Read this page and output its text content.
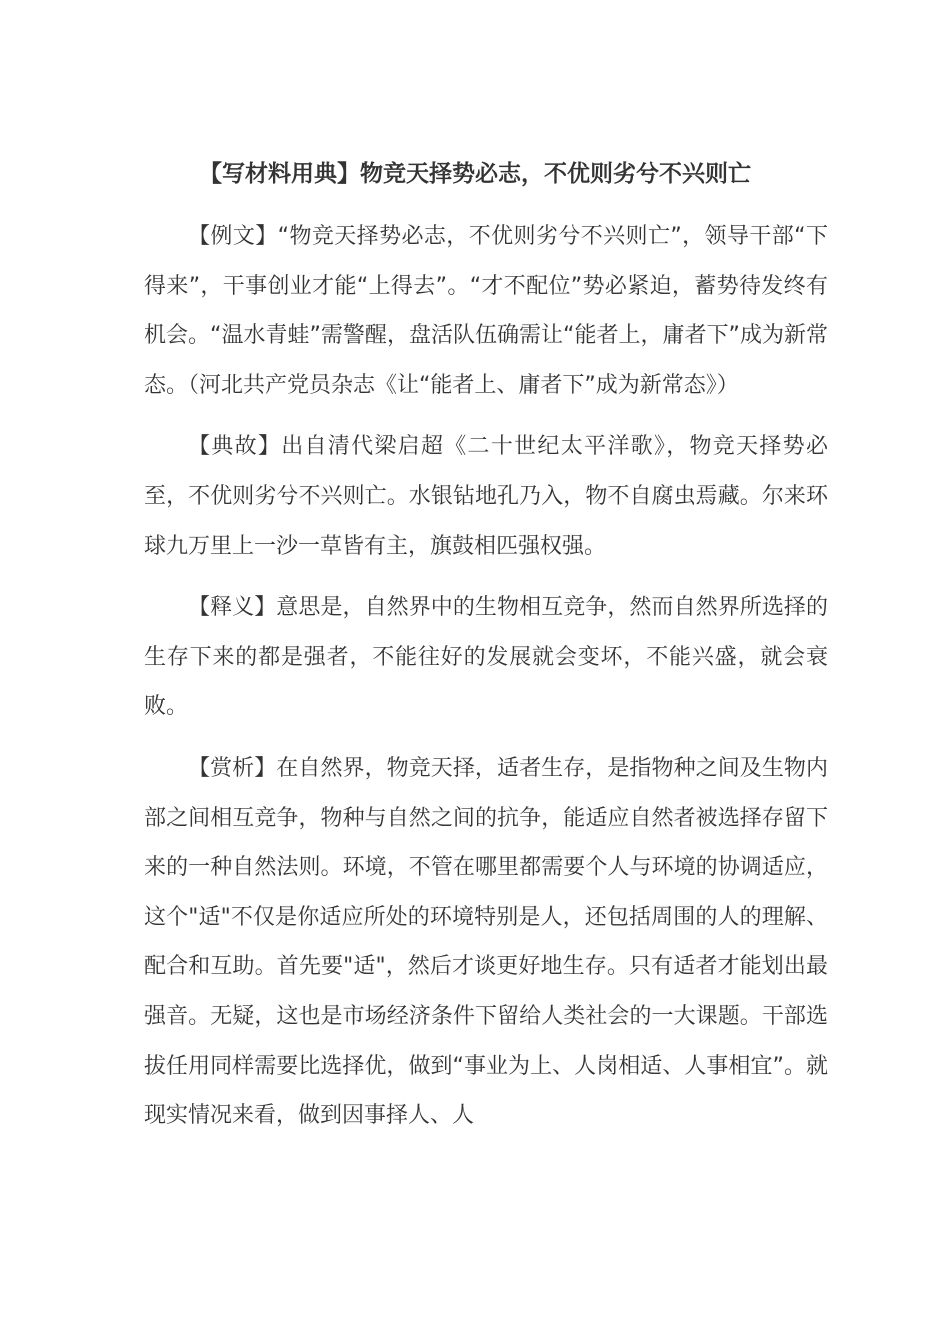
【写材料用典】物竞天择势必志，不优则劣兮不兴则亡

【例文】“物竞天择势必志，不优则劣兮不兴则亡”，领导干部“下得来”，干事创业才能“上得去”。“才不配位”势必紧迫，蓄势待发终有机会。“温水青蛙”需警醒，盘活队伍确需让“能者上，庸者下”成为新常态。（河北共产党员杂志《让“能者上、庸者下”成为新常态》）

【典故】出自清代梁启超《二十世纪太平洋歌》，物竞天择势必至，不优则劣兮不兴则亡。水银钻地孔乃入，物不自腐虫焉藏。尔来环球九万里上一沙一草皆有主，旗鼓相匹强权强。

【释义】意思是，自然界中的生物相互竞争，然而自然界所选择的生存下来的都是强者，不能往好的发展就会变坏，不能兴盛，就会衰败。

【赏析】在自然界，物竞天择，适者生存，是指物种之间及生物内部之间相互竞争，物种与自然之间的抗争，能适应自然者被选择存留下来的一种自然法则。环境，不管在哪里都需要个人与环境的协调适应，这个"适"不仅是你适应所处的环境特别是人，还包括周围的人的理解、配合和互助。首先要"适"，然后才谈更好地生存。只有适者才能划出最强音。无疑，这也是市场经济条件下留给人类社会的一大课题。干部选拔任用同样需要比选择优，做到“事业为上、人岗相适、人事相宜”。就现实情况来看，做到因事择人、人
